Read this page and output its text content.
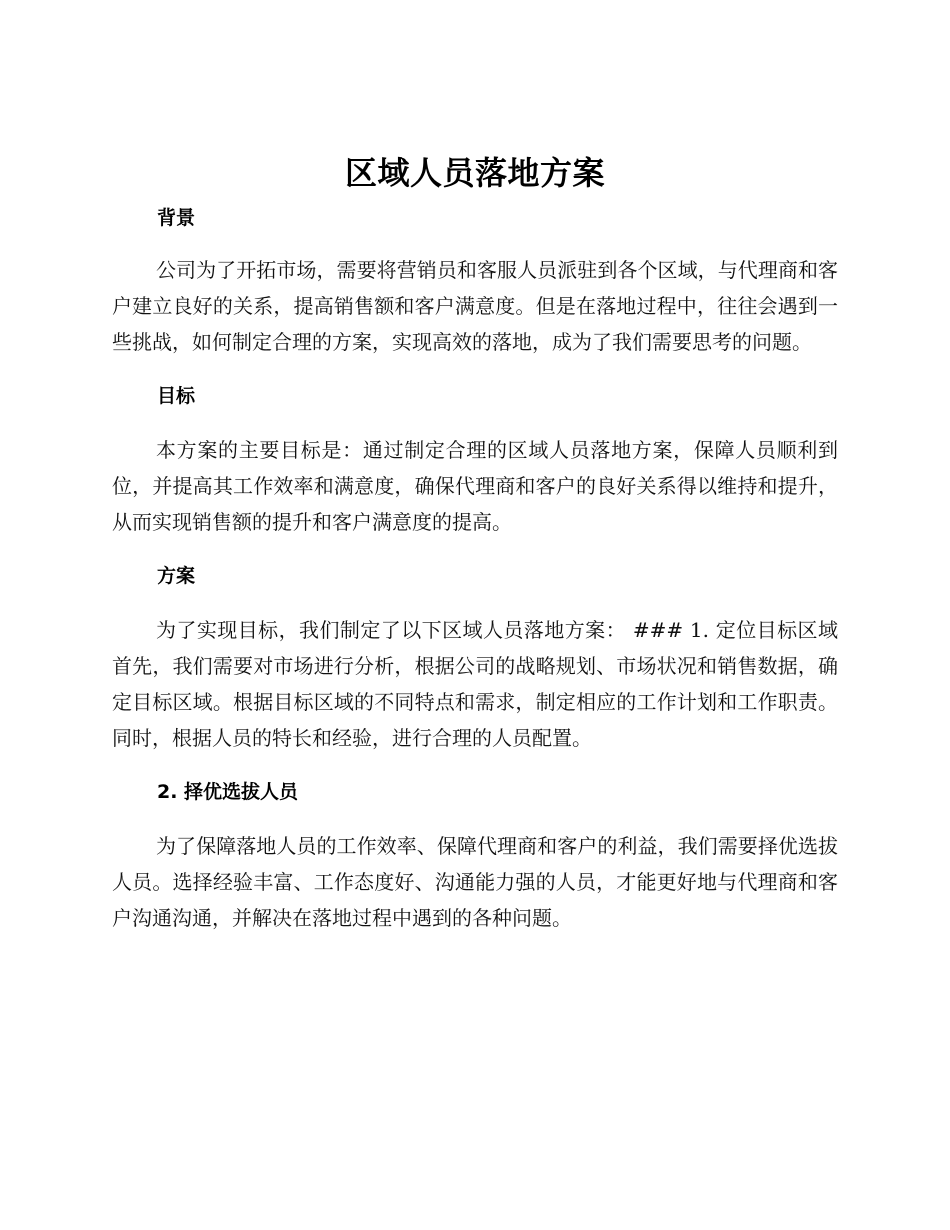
区域人员落地方案
背景

公司为了开拓市场，需要将营销员和客服人员派驻到各个区域，与代理商和客户建立良好的关系，提高销售额和客户满意度。但是在落地过程中，往往会遇到一些挑战，如何制定合理的方案，实现高效的落地，成为了我们需要思考的问题。

目标

本方案的主要目标是：通过制定合理的区域人员落地方案，保障人员顺利到位，并提高其工作效率和满意度，确保代理商和客户的良好关系得以维持和提升，从而实现销售额的提升和客户满意度的提高。

方案

为了实现目标，我们制定了以下区域人员落地方案： ### 1. 定位目标区域 首先，我们需要对市场进行分析，根据公司的战略规划、市场状况和销售数据，确定目标区域。根据目标区域的不同特点和需求，制定相应的工作计划和工作职责。同时，根据人员的特长和经验，进行合理的人员配置。

2. 择优选拔人员

为了保障落地人员的工作效率、保障代理商和客户的利益，我们需要择优选拔人员。选择经验丰富、工作态度好、沟通能力强的人员，才能更好地与代理商和客户沟通沟通，并解决在落地过程中遇到的各种问题。
